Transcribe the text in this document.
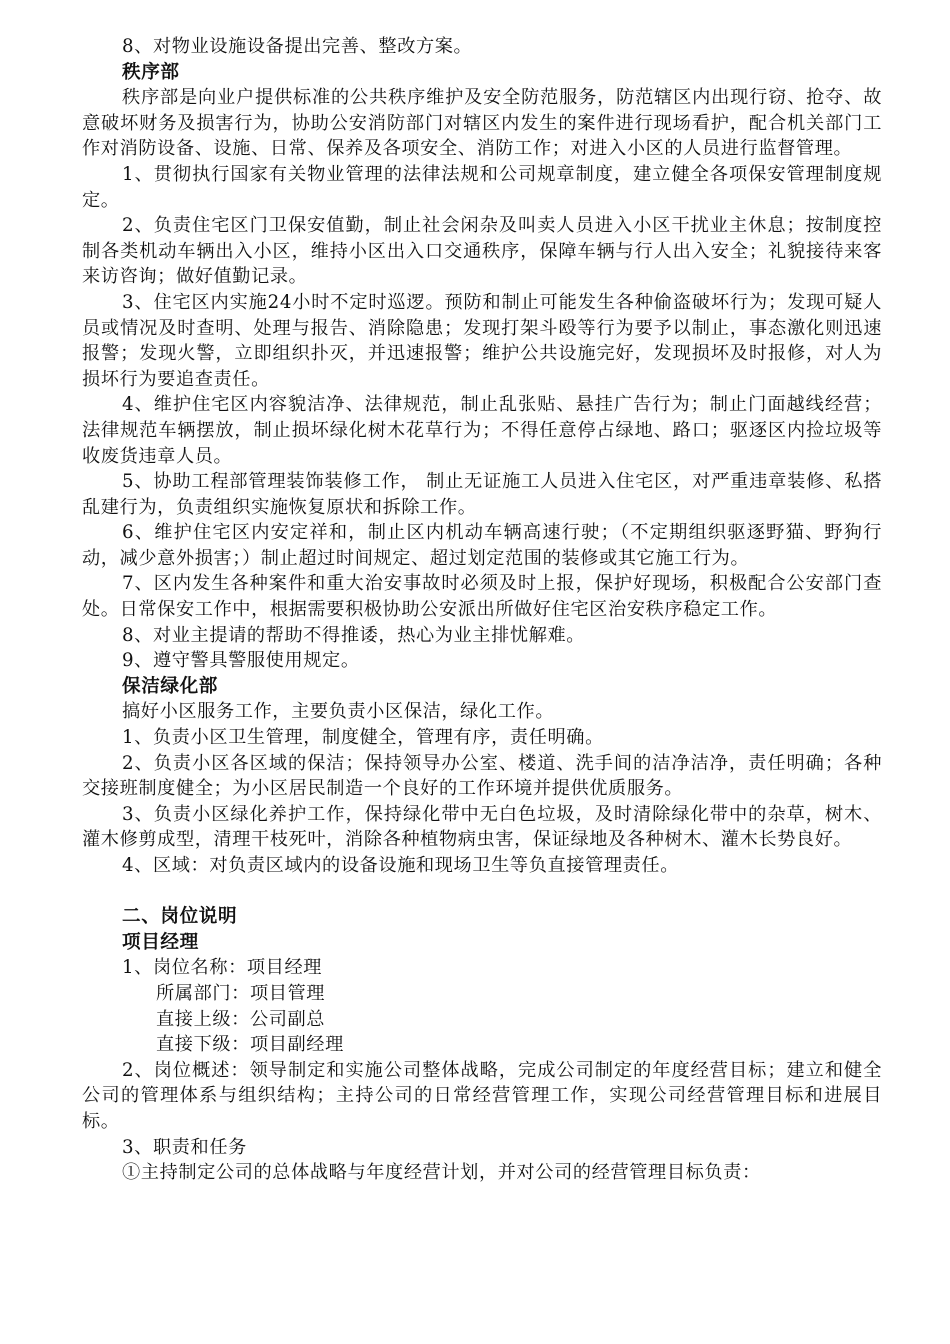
8、对物业设施设备提出完善、整改方案。

秩序部

秩序部是向业户提供标准的公共秩序维护及安全防范服务，防范辖区内出现行窃、抢夺、故意破坏财务及损害行为，协助公安消防部门对辖区内发生的案件进行现场看护，配合机关部门工作对消防设备、设施、日常、保养及各项安全、消防工作；对进入小区的人员进行监督管理。

1、贯彻执行国家有关物业管理的法律法规和公司规章制度，建立健全各项保安管理制度规定。

2、负责住宅区门卫保安值勤，制止社会闲杂及叫卖人员进入小区干扰业主休息；按制度控制各类机动车辆出入小区，维持小区出入口交通秩序，保障车辆与行人出入安全；礼貌接待来客来访咨询；做好值勤记录。

3、住宅区内实施24小时不定时巡逻。预防和制止可能发生各种偷盗破坏行为；发现可疑人员或情况及时查明、处理与报告、消除隐患；发现打架斗殴等行为要予以制止，事态激化则迅速报警；发现火警，立即组织扑灭，并迅速报警；维护公共设施完好，发现损坏及时报修，对人为损坏行为要追查责任。

4、维护住宅区内容貌洁净、法律规范，制止乱张贴、悬挂广告行为；制止门面越线经营；法律规范车辆摆放，制止损坏绿化树木花草行为；不得任意停占绿地、路口；驱逐区内捡垃圾等收废货违章人员。

5、协助工程部管理装饰装修工作， 制止无证施工人员进入住宅区，对严重违章装修、私搭乱建行为，负责组织实施恢复原状和拆除工作。

6、维护住宅区内安定祥和，制止区内机动车辆高速行驶；（不定期组织驱逐野猫、野狗行动，减少意外损害；）制止超过时间规定、超过划定范围的装修或其它施工行为。

7、区内发生各种案件和重大治安事故时必须及时上报，保护好现场，积极配合公安部门查处。日常保安工作中，根据需要积极协助公安派出所做好住宅区治安秩序稳定工作。

8、对业主提请的帮助不得推诿，热心为业主排忧解难。

9、遵守警具警服使用规定。

保洁绿化部

搞好小区服务工作，主要负责小区保洁，绿化工作。

1、负责小区卫生管理，制度健全，管理有序，责任明确。

2、负责小区各区域的保洁；保持领导办公室、楼道、洗手间的洁净洁净，责任明确；各种交接班制度健全；为小区居民制造一个良好的工作环境并提供优质服务。

3、负责小区绿化养护工作，保持绿化带中无白色垃圾，及时清除绿化带中的杂草，树木、灌木修剪成型，清理干枝死叶，消除各种植物病虫害，保证绿地及各种树木、灌木长势良好。

4、区域：对负责区域内的设备设施和现场卫生等负直接管理责任。

二、岗位说明

项目经理

1、岗位名称：项目经理

所属部门：项目管理

直接上级：公司副总

直接下级：项目副经理

2、岗位概述：领导制定和实施公司整体战略，完成公司制定的年度经营目标；建立和健全公司的管理体系与组织结构；主持公司的日常经营管理工作，实现公司经营管理目标和进展目标。

3、职责和任务

①主持制定公司的总体战略与年度经营计划，并对公司的经营管理目标负责：
